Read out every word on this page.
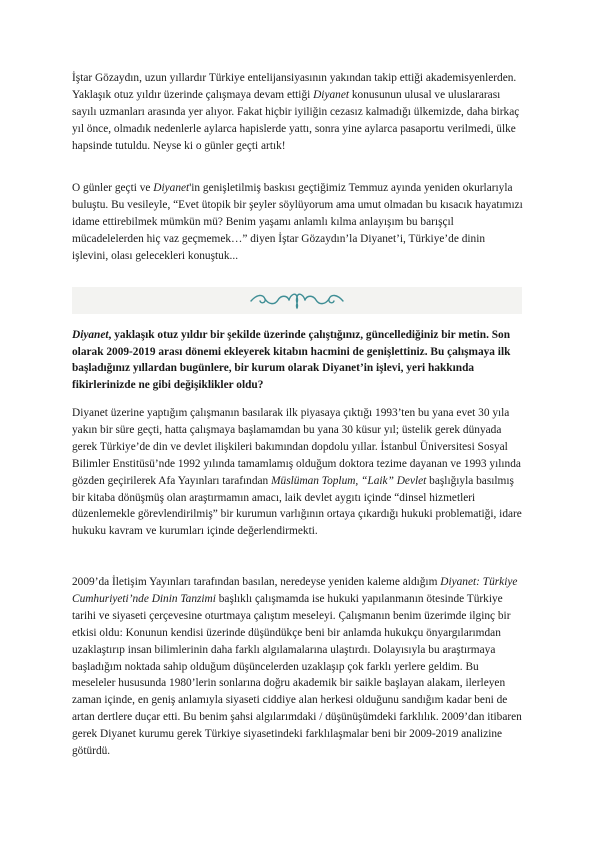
İştar Gözaydın, uzun yıllardır Türkiye entelijansiyasının yakından takip ettiği akademisyenlerden. Yaklaşık otuz yıldır üzerinde çalışmaya devam ettiği Diyanet konusunun ulusal ve uluslararası sayılı uzmanları arasında yer alıyor. Fakat hiçbir iyiliğin cezasız kalmadığı ülkemizde, daha birkaç yıl önce, olmadık nedenlerle aylarca hapislerde yattı, sonra yine aylarca pasaportu verilmedi, ülke hapsinde tutuldu. Neyse ki o günler geçti artık!

O günler geçti ve Diyanet'in genişletilmiş baskısı geçtiğimiz Temmuz ayında yeniden okurlarıyla buluştu. Bu vesileyle, “Evet ütopik bir şeyler söylüyorum ama umut olmadan bu kısacık hayatımızı idame ettirebilmek mümkün mü? Benim yaşamı anlamlı kılma anlayışım bu barışçıl mücadelelerden hiç vaz geçmemek…” diyen İştar Gözaydın’la Diyanet’i, Türkiye’de dinin işlevini, olası gelecekleri konuştuk...

Diyanet, yaklaşık otuz yıldır bir şekilde üzerinde çalıştığınız, güncellediğiniz bir metin. Son olarak 2009-2019 arası dönemi ekleyerek kitabın hacmini de genişlettiniz. Bu çalışmaya ilk başladığınız yıllardan bugünlere, bir kurum olarak Diyanet’in işlevi, yeri hakkında fikirlerinizde ne gibi değişiklikler oldu?

Diyanet üzerine yaptığım çalışmanın basılarak ilk piyasaya çıktığı 1993’ten bu yana evet 30 yıla yakın bir süre geçti, hatta çalışmaya başlamamdan bu yana 30 küsur yıl; üstelik gerek dünyada gerek Türkiye’de din ve devlet ilişkileri bakımından dopdolu yıllar. İstanbul Üniversitesi Sosyal Bilimler Enstitüsü’nde 1992 yılında tamamlamış olduğum doktora tezime dayanan ve 1993 yılında gözden geçirilerek Afa Yayınları tarafından Müslüman Toplum, “Laik” Devlet başlığıyla basılmış bir kitaba dönüşmüş olan araştırmamın amacı, laik devlet aygıtı içinde “dinsel hizmetleri düzenlemekle görevlendirilmiş” bir kurumun varlığının ortaya çıkardığı hukuki problematiği, idare hukuku kavram ve kurumları içinde değerlendirmekti.

2009’da İletişim Yayınları tarafından basılan, neredeyse yeniden kaleme aldığım Diyanet: Türkiye Cumhuriyeti’nde Dinin Tanzimi başlıklı çalışmamda ise hukuki yapılanmanın ötesinde Türkiye tarihi ve siyaseti çerçevesine oturtmaya çalıştım meseleyi. Çalışmanın benim üzerimde ilginç bir etkisi oldu: Konunun kendisi üzerinde düşündükçe beni bir anlamda hukukçu önyargılarımdan uzaklaştırıp insan bilimlerinin daha farklı algılamalarına ulaştırdı. Dolayısıyla bu araştırmaya başladığım noktada sahip olduğum düşüncelerden uzaklaşıp çok farklı yerlere geldim. Bu meseleler hususunda 1980’lerin sonlarına doğru akademik bir saikle başlayan alakam, ilerleyen zaman içinde, en geniş anlamıyla siyaseti ciddiye alan herkesi olduğunu sandığım kadar beni de artan dertlere duçar etti. Bu benim şahsi algılarımdaki / düşünüşümdeki farklılık. 2009’dan itibaren gerek Diyanet kurumu gerek Türkiye siyasetindeki farklılaşmalar beni bir 2009-2019 analizine götürdü.
